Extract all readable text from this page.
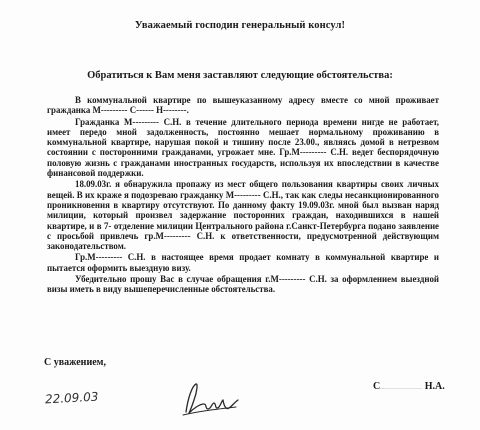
Уважаемый господин генеральный консул!
Обратиться к Вам меня заставляют следующие обстоятельства:

В коммунальной квартире по вышеуказанному адресу вместе со мной проживает гражданка М--------- С------ Н--------.

Гражданка М--------- С.Н. в течение длительного периода времени нигде не работает, имеет передо мной задолженность, постоянно мешает нормальному проживанию в коммунальной квартире, нарушая покой и тишину после 23.00., являясь домой в нетрезвом состоянии с посторонними гражданами, угрожает мне. Гр.М--------- С.Н. ведет беспорядочную половую жизнь с гражданами иностранных государств, используя их впоследствии в качестве финансовой поддержки.

18.09.03г. я обнаружила пропажу из мест общего пользования квартиры своих личных вещей. В их краже я подозреваю гражданку М--------- С.Н., так как следы несанкционированного проникновения в квартиру отсутствуют. По данному факту 19.09.03г. мной был вызван наряд милиции, который произвел задержание посторонних граждан, находившихся в нашей квартире, и в 7- отделение милиции Центрального района г.Санкт-Петербурга подано заявление с просьбой привлечь гр.М--------- С.Н. к ответственности, предусмотренной действующим законодательством.

Гр.М--------- С.Н. в настоящее время продает комнату в коммунальной квартире и пытается оформить выездную визу.

Убедительно прошу Вас в случае обращения г.М--------- С.Н. за оформлением выездной визы иметь в виду вышеперечисленные обстоятельства.

С уважением,
С	Н.А.
22.09.03
